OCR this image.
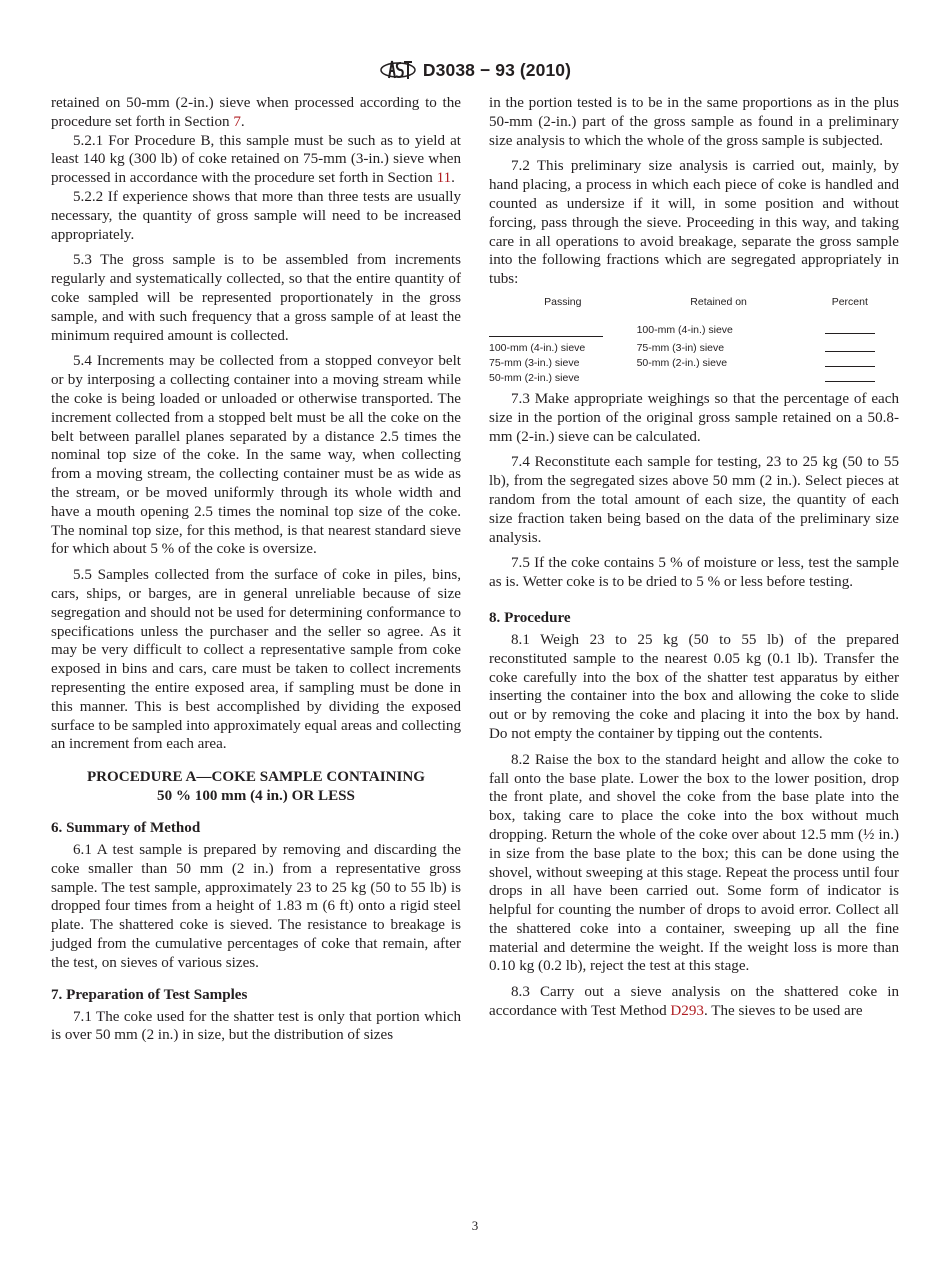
D3038 − 93 (2010)

retained on 50-mm (2-in.) sieve when processed according to the procedure set forth in Section 7.

5.2.1 For Procedure B, this sample must be such as to yield at least 140 kg (300 lb) of coke retained on 75-mm (3-in.) sieve when processed in accordance with the procedure set forth in Section 11.

5.2.2 If experience shows that more than three tests are usually necessary, the quantity of gross sample will need to be increased appropriately.

5.3 The gross sample is to be assembled from increments regularly and systematically collected, so that the entire quantity of coke sampled will be represented proportionately in the gross sample, and with such frequency that a gross sample of at least the minimum required amount is collected.

5.4 Increments may be collected from a stopped conveyor belt or by interposing a collecting container into a moving stream while the coke is being loaded or unloaded or otherwise transported. The increment collected from a stopped belt must be all the coke on the belt between parallel planes separated by a distance 2.5 times the nominal top size of the coke. In the same way, when collecting from a moving stream, the collecting container must be as wide as the stream, or be moved uniformly through its whole width and have a mouth opening 2.5 times the nominal top size of the coke. The nominal top size, for this method, is that nearest standard sieve for which about 5 % of the coke is oversize.

5.5 Samples collected from the surface of coke in piles, bins, cars, ships, or barges, are in general unreliable because of size segregation and should not be used for determining conformance to specifications unless the purchaser and the seller so agree. As it may be very difficult to collect a representative sample from coke exposed in bins and cars, care must be taken to collect increments representing the entire exposed area, if sampling must be done in this manner. This is best accomplished by dividing the exposed surface to be sampled into approximately equal areas and collecting an increment from each area.

PROCEDURE A—COKE SAMPLE CONTAINING
50 % 100 mm (4 in.) OR LESS
6. Summary of Method

6.1 A test sample is prepared by removing and discarding the coke smaller than 50 mm (2 in.) from a representative gross sample. The test sample, approximately 23 to 25 kg (50 to 55 lb) is dropped four times from a height of 1.83 m (6 ft) onto a rigid steel plate. The shattered coke is sieved. The resistance to breakage is judged from the cumulative percentages of coke that remain, after the test, on sieves of various sizes.

7. Preparation of Test Samples

7.1 The coke used for the shatter test is only that portion which is over 50 mm (2 in.) in size, but the distribution of sizes

in the portion tested is to be in the same proportions as in the plus 50-mm (2-in.) part of the gross sample as found in a preliminary size analysis to which the whole of the gross sample is subjected.

7.2 This preliminary size analysis is carried out, mainly, by hand placing, a process in which each piece of coke is handled and counted as undersize if it will, in some position and without forcing, pass through the sieve. Proceeding in this way, and taking care in all operations to avoid breakage, separate the gross sample into the following fractions which are segregated appropriately in tubs:

Passing	Retained on	Percent
	100-mm (4-in.) sieve	
100-mm (4-in.) sieve	75-mm (3-in) sieve	
75-mm (3-in.) sieve	50-mm (2-in.) sieve	
50-mm (2-in.) sieve		

7.3 Make appropriate weighings so that the percentage of each size in the portion of the original gross sample retained on a 50.8-mm (2-in.) sieve can be calculated.

7.4 Reconstitute each sample for testing, 23 to 25 kg (50 to 55 lb), from the segregated sizes above 50 mm (2 in.). Select pieces at random from the total amount of each size, the quantity of each size fraction taken being based on the data of the preliminary size analysis.

7.5 If the coke contains 5 % of moisture or less, test the sample as is. Wetter coke is to be dried to 5 % or less before testing.

8. Procedure

8.1 Weigh 23 to 25 kg (50 to 55 lb) of the prepared reconstituted sample to the nearest 0.05 kg (0.1 lb). Transfer the coke carefully into the box of the shatter test apparatus by either inserting the container into the box and allowing the coke to slide out or by removing the coke and placing it into the box by hand. Do not empty the container by tipping out the contents.

8.2 Raise the box to the standard height and allow the coke to fall onto the base plate. Lower the box to the lower position, drop the front plate, and shovel the coke from the base plate into the box, taking care to place the coke into the box without much dropping. Return the whole of the coke over about 12.5 mm (½ in.) in size from the base plate to the box; this can be done using the shovel, without sweeping at this stage. Repeat the process until four drops in all have been carried out. Some form of indicator is helpful for counting the number of drops to avoid error. Collect all the shattered coke into a container, sweeping up all the fine material and determine the weight. If the weight loss is more than 0.10 kg (0.2 lb), reject the test at this stage.

8.3 Carry out a sieve analysis on the shattered coke in accordance with Test Method D293. The sieves to be used are

3
